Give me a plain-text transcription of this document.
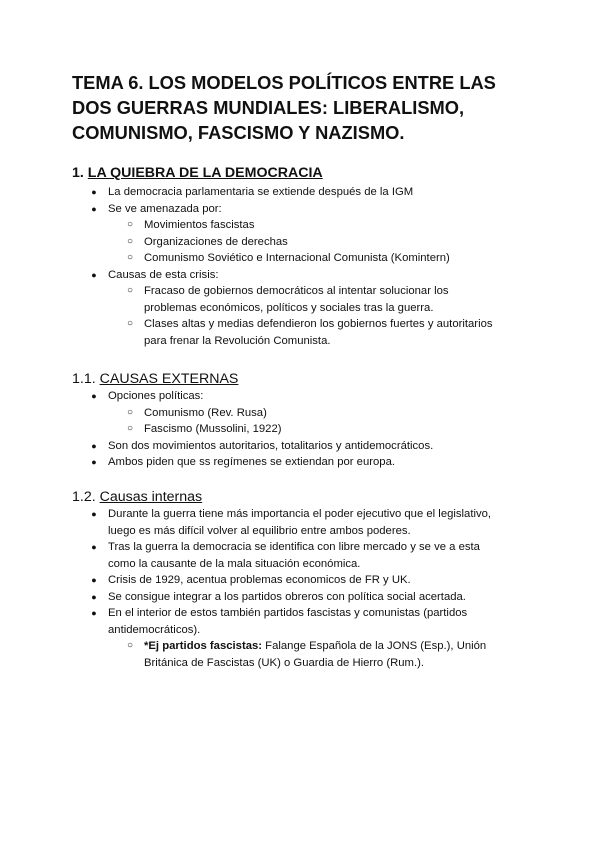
TEMA 6. LOS MODELOS POLÍTICOS ENTRE LAS
DOS GUERRAS MUNDIALES: LIBERALISMO,
COMUNISMO, FASCISMO Y NAZISMO.
1. LA QUIEBRA DE LA DEMOCRACIA
● La democracia parlamentaria se extiende después de la IGM
● Se ve amenazada por:
○ Movimientos fascistas
○ Organizaciones de derechas
○ Comunismo Soviético e Internacional Comunista (Komintern)
● Causas de esta crisis:
○ Fracaso de gobiernos democráticos al intentar solucionar los
problemas económicos, políticos y sociales tras la guerra.
○ Clases altas y medias defendieron los gobiernos fuertes y autoritarios
para frenar la Revolución Comunista.
1.1. CAUSAS EXTERNAS
● Opciones políticas:
○ Comunismo (Rev. Rusa)
○ Fascismo (Mussolini, 1922)
● Son dos movimientos autoritarios, totalitarios y antidemocráticos.
● Ambos piden que ss regímenes se extiendan por europa.
1.2. Causas internas
● Durante la guerra tiene más importancia el poder ejecutivo que el legislativo,
luego es más difícil volver al equilibrio entre ambos poderes.
● Tras la guerra la democracia se identifica con libre mercado y se ve a esta
como la causante de la mala situación económica.
● Crisis de 1929, acentua problemas economicos de FR y UK.
● Se consigue integrar a los partidos obreros con política social acertada.
● En el interior de estos también partidos fascistas y comunistas (partidos
antidemocráticos).
○ *Ej partidos fascistas: Falange Española de la JONS (Esp.), Unión
Británica de Fascistas (UK) o Guardia de Hierro (Rum.).
